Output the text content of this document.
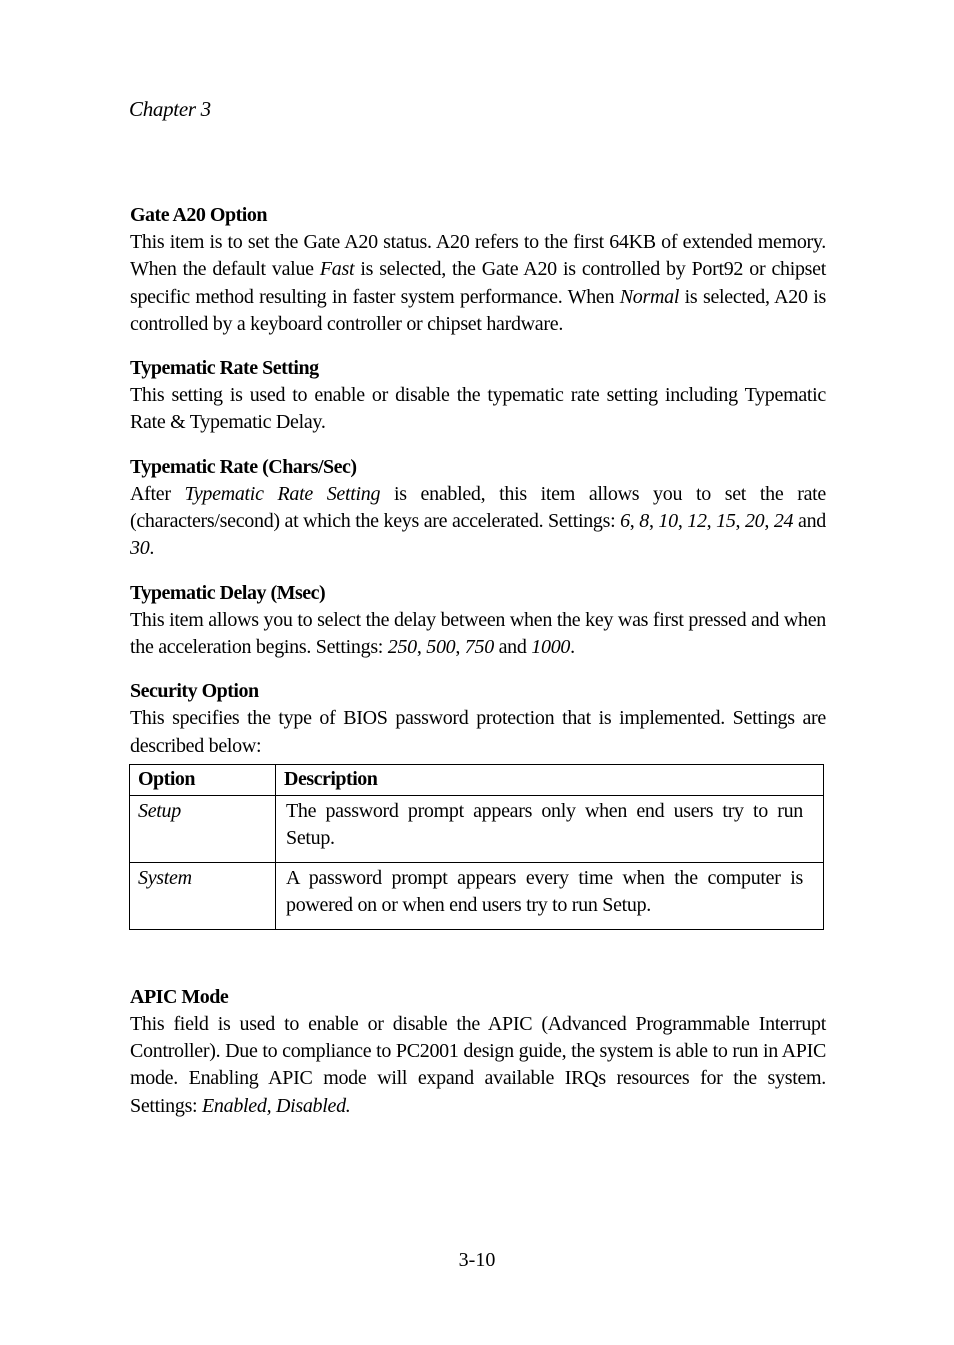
Chapter 3
Gate A20 Option
This item is to set the Gate A20 status. A20 refers to the first 64KB of extended memory. When the default value Fast is selected, the Gate A20 is controlled by Port92 or chipset specific method resulting in faster system performance. When Normal is selected, A20 is controlled by a keyboard controller or chipset hardware.
Typematic Rate Setting
This setting is used to enable or disable the typematic rate setting including Typematic Rate & Typematic Delay.
Typematic Rate (Chars/Sec)
After Typematic Rate Setting is enabled, this item allows you to set the rate (characters/second) at which the keys are accelerated. Settings: 6, 8, 10, 12, 15, 20, 24 and 30.
Typematic Delay (Msec)
This item allows you to select the delay between when the key was first pressed and when the acceleration begins. Settings: 250, 500, 750 and 1000.
Security Option
This specifies the type of BIOS password protection that is implemented. Settings are described below:
Option	Description
Setup	The password prompt appears only when end users try to run Setup.
System	A password prompt appears every time when the computer is powered on or when end users try to run Setup.
APIC Mode
This field is used to enable or disable the APIC (Advanced Programmable Interrupt Controller). Due to compliance to PC2001 design guide, the system is able to run in APIC mode. Enabling APIC mode will expand available IRQs resources for the system. Settings: Enabled, Disabled.
3-10
